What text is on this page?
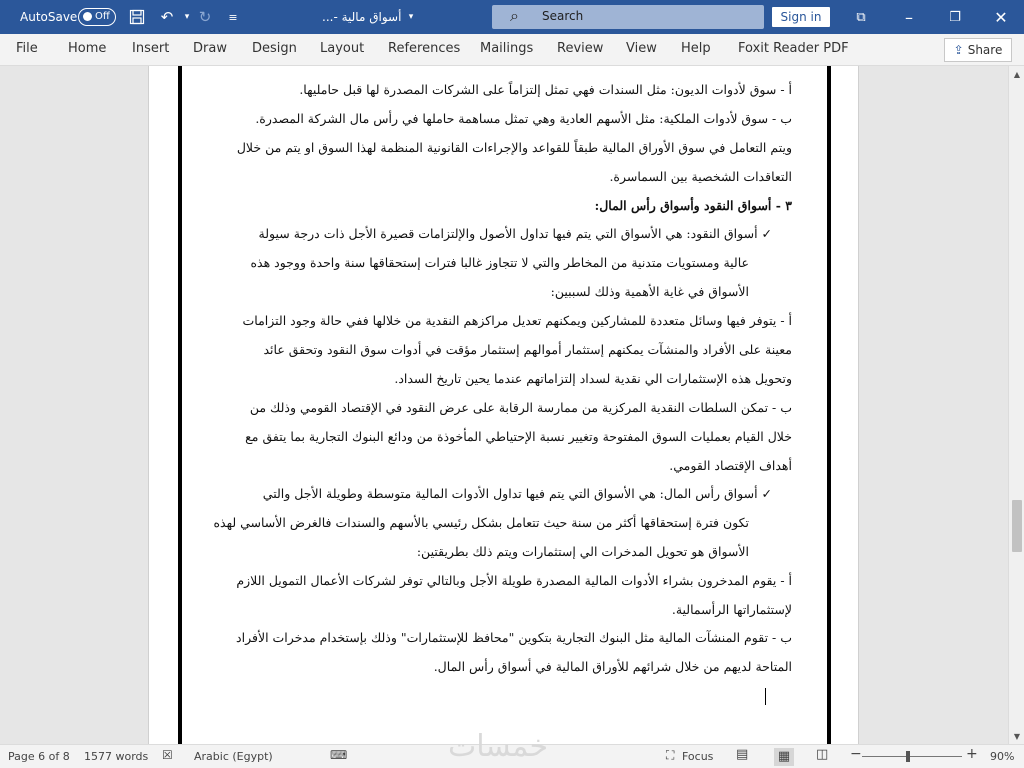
AutoSave Off	↶	▾ ↻	≡	أسواق مالية -... ▾	⌕ Search	Sign in	⧉	–	❐	✕
File Home Insert Draw Design Layout References Mailings Review View Help Foxit Reader PDF	⇪ Share
أ - سوق لأدوات الديون: مثل السندات فهي تمثل إلتزاماً على الشركات المصدرة لها قبل حامليها.
ب - سوق لأدوات الملكية: مثل الأسهم العادية وهي تمثل مساهمة حاملها في رأس مال الشركة المصدرة.
ويتم التعامل في سوق الأوراق المالية طبقاً للقواعد والإجراءات القانونية المنظمة لهذا السوق او يتم من خلال
التعاقدات الشخصية بين السماسرة.
٣ - أسواق النقود وأسواق رأس المال:
✓ أسواق النقود: هي الأسواق التي يتم فيها تداول الأصول والإلتزامات قصيرة الأجل ذات درجة سيولة
عالية ومستويات متدنية من المخاطر والتي لا تتجاوز غالبا فترات إستحقاقها سنة واحدة ووجود هذه
الأسواق في غاية الأهمية وذلك لسببين:
أ - يتوفر فيها وسائل متعددة للمشاركين ويمكنهم تعديل مراكزهم النقدية من خلالها ففي حالة وجود التزامات
معينة على الأفراد والمنشآت يمكنهم إستثمار أموالهم إستثمار مؤقت في أدوات سوق النقود وتحقق عائد
وتحويل هذه الإستثمارات الي نقدية لسداد إلتزاماتهم عندما يحين تاريخ السداد.
ب - تمكن السلطات النقدية المركزية من ممارسة الرقابة على عرض النقود في الإقتصاد القومي وذلك من
خلال القيام بعمليات السوق المفتوحة وتغيير نسبة الإحتياطي المأخوذة من ودائع البنوك التجارية بما يتفق مع
أهداف الإقتصاد القومي.
✓ أسواق رأس المال: هي الأسواق التي يتم فيها تداول الأدوات المالية متوسطة وطويلة الأجل والتي
تكون فترة إستحقاقها أكثر من سنة حيث تتعامل بشكل رئيسي بالأسهم والسندات فالغرض الأساسي لهذه
الأسواق هو تحويل المدخرات الي إستثمارات ويتم ذلك بطريقتين:
أ - يقوم المدخرون بشراء الأدوات المالية المصدرة طويلة الأجل وبالتالي توفر لشركات الأعمال التمويل اللازم
لإستثماراتها الرأسمالية.
ب - تقوم المنشآت المالية مثل البنوك التجارية بتكوين "محافظ للإستثمارات" وذلك بإستخدام مدخرات الأفراد
المتاحة لديهم من خلال شرائهم للأوراق المالية في أسواق رأس المال.
▲
▼
Page 6 of 8 1577 words ☒ Arabic (Egypt)	⌨	خمسات	⛶ Focus ▤ ▦ ◫ −	+ 90%
